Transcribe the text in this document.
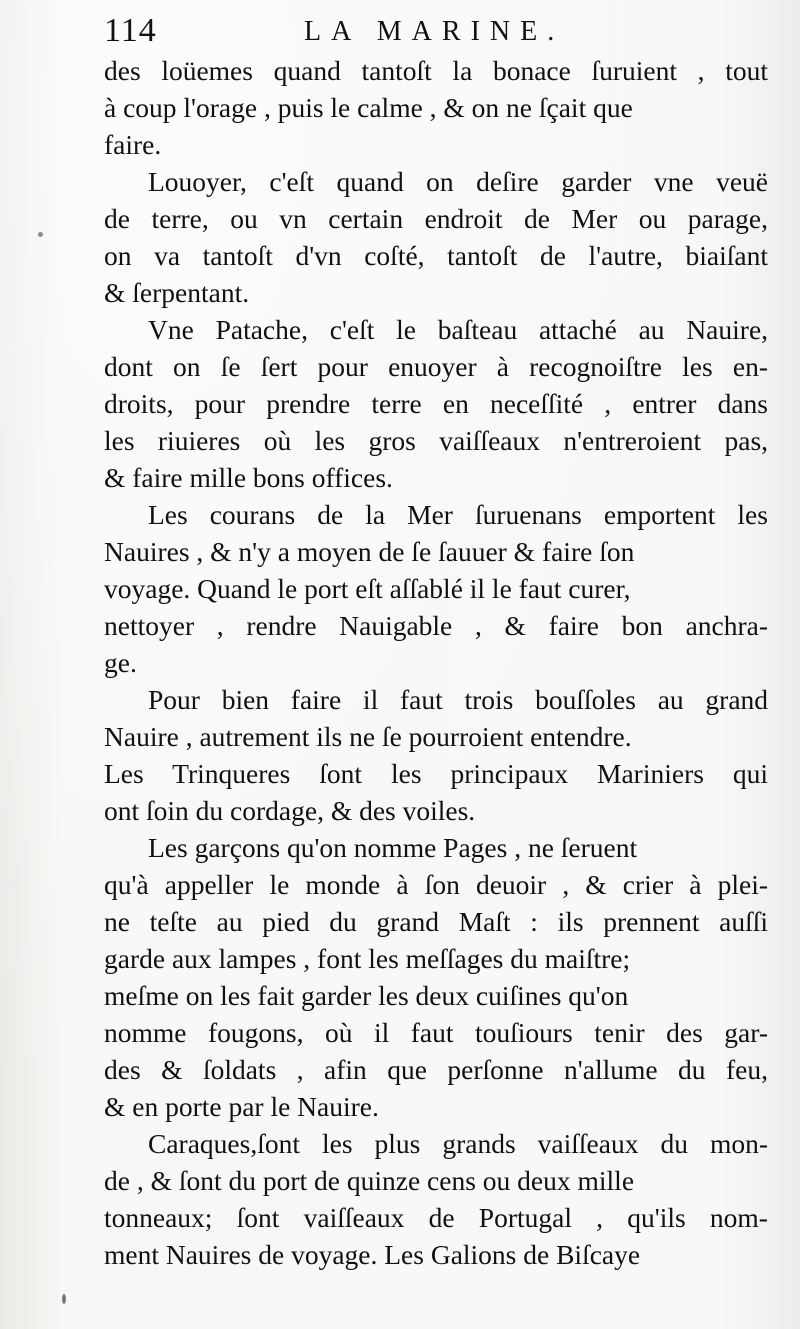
114	LA MARINE.
des loüemes quand tantoſt la bonace ſuruient , tout
à coup l'orage , puis le calme , & on ne ſçait que
faire.
Louoyer, c'eſt quand on deſire garder vne veuë
de terre, ou vn certain endroit de Mer ou parage,
on va tantoſt d'vn coſté, tantoſt de l'autre, biaiſant
& ſerpentant.
Vne Patache, c'eſt le baſteau attaché au Nauire,
dont on ſe ſert pour enuoyer à recognoiſtre les en-
droits, pour prendre terre en neceſſité , entrer dans
les riuieres où les gros vaiſſeaux n'entreroient pas,
& faire mille bons offices.
Les courans de la Mer ſuruenans emportent les
Nauires , & n'y a moyen de ſe ſauuer & faire ſon
voyage. Quand le port eſt aſſablé il le faut curer,
nettoyer , rendre Nauigable , & faire bon anchra-
ge.
Pour bien faire il faut trois bouſſoles au grand
Nauire , autrement ils ne ſe pourroient entendre.
Les Trinqueres ſont les principaux Mariniers qui
ont ſoin du cordage, & des voiles.
Les garçons qu'on nomme Pages , ne ſeruent
qu'à appeller le monde à ſon deuoir , & crier à plei-
ne teſte au pied du grand Maſt : ils prennent auſſi
garde aux lampes , font les meſſages du maiſtre;
meſme on les fait garder les deux cuiſines qu'on
nomme fougons, où il faut touſiours tenir des gar-
des & ſoldats , afin que perſonne n'allume du feu,
& en porte par le Nauire.
Caraques,ſont les plus grands vaiſſeaux du mon-
de , & ſont du port de quinze cens ou deux mille
tonneaux; ſont vaiſſeaux de Portugal , qu'ils nom-
ment Nauires de voyage. Les Galions de Biſcaye
